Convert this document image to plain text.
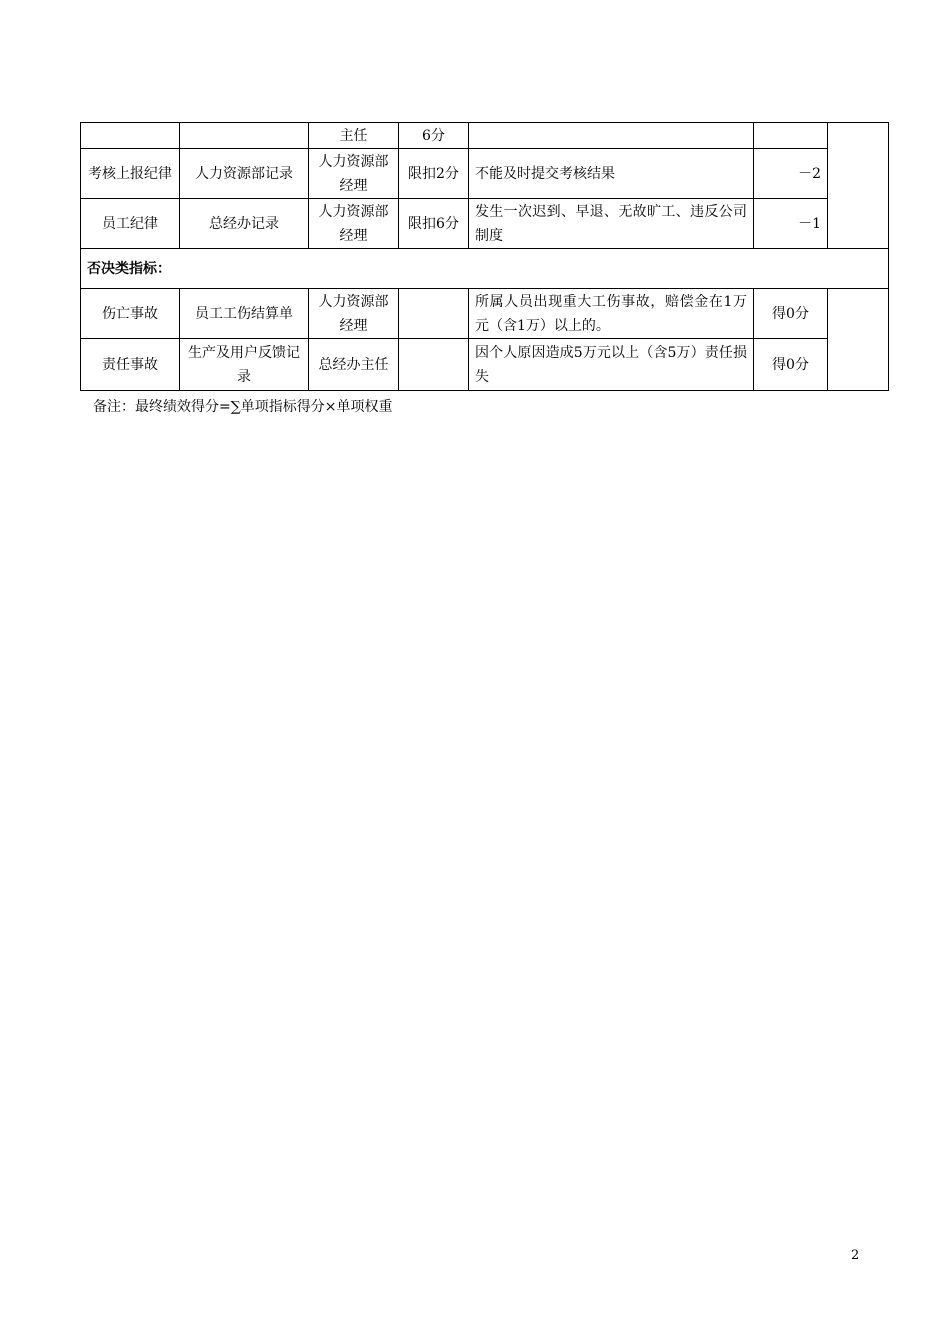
		主任	6分			
考核上报纪律	人力资源部记录	人力资源部经理	限扣2分	不能及时提交考核结果	－2	
员工纪律	总经办记录	人力资源部经理	限扣6分	发生一次迟到、早退、无故旷工、违反公司制度	－1	
否决类指标：						
伤亡事故	员工工伤结算单	人力资源部经理		所属人员出现重大工伤事故，赔偿金在1万元（含1万）以上的。	得0分	
责任事故	生产及用户反馈记录	总经办主任		因个人原因造成5万元以上（含5万）责任损失	得0分	
备注：最终绩效得分=∑单项指标得分×单项权重
2
